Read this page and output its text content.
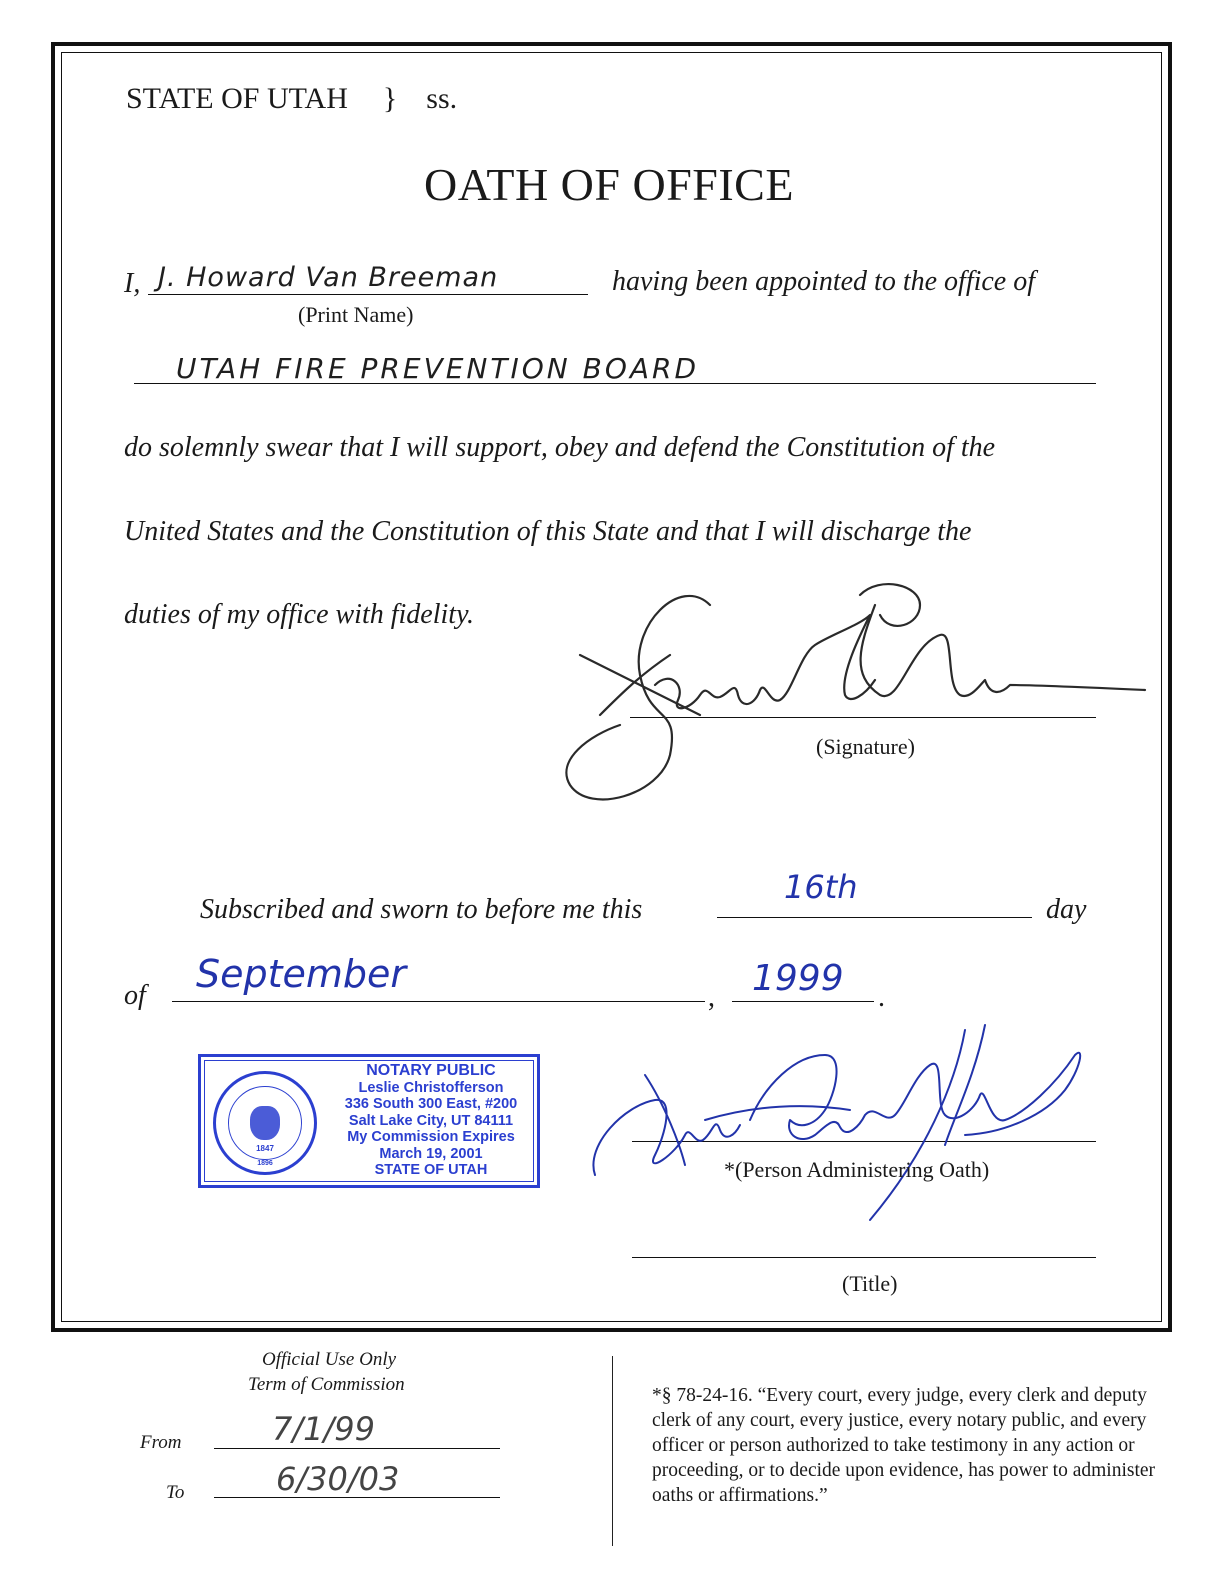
STATE OF UTAH } ss.
OATH OF OFFICE
I, J. Howard Van Breeman	having been appointed to the office of
(Print Name)
UTAH FIRE PREVENTION BOARD
do solemnly swear that I will support, obey and defend the Constitution of the
United States and the Constitution of this State and that I will discharge the
duties of my office with fidelity.
(Signature)
Subscribed and sworn to before me this
16th
day
of September
, 1999 .
1847
1896
NOTARY PUBLIC
Leslie Christofferson
336 South 300 East, #200
Salt Lake City, UT 84111
My Commission Expires
March 19, 2001
STATE OF UTAH	*(Person Administering Oath)
(Title)
Official Use Only
Term of Commission
From	7/1/99
To	6/30/03
*§ 78-24-16. “Every court, every judge, every clerk and deputy clerk of any court, every justice, every notary public, and every officer or person authorized to take testimony in any action or proceeding, or to decide upon evidence, has power to administer oaths or affirmations.”
